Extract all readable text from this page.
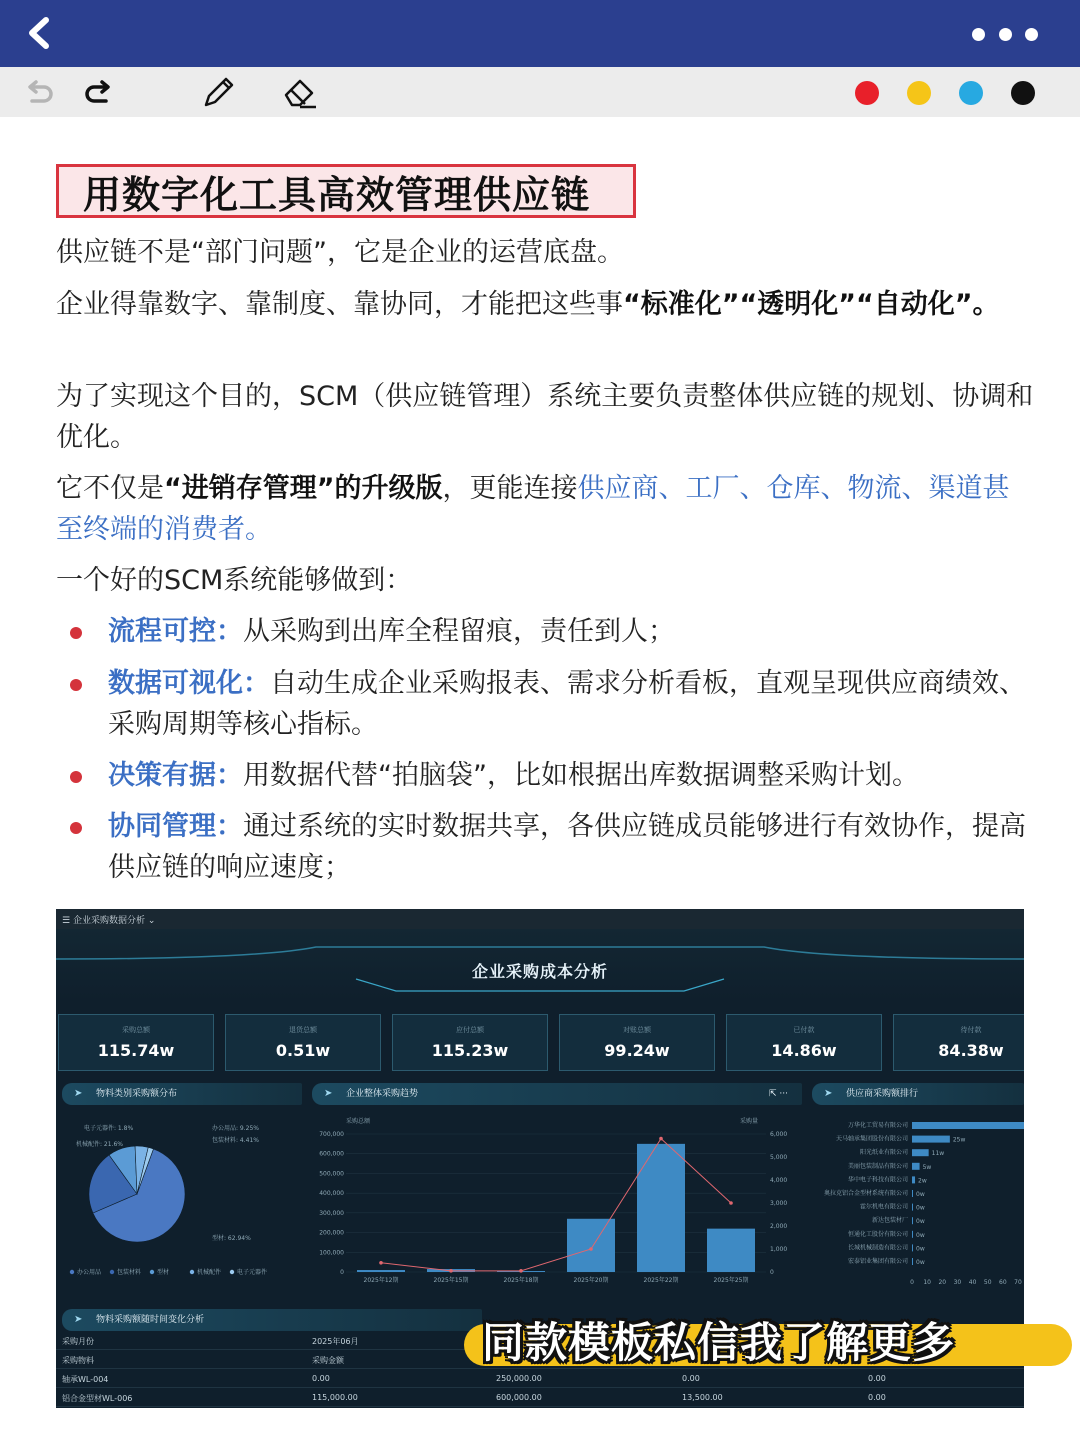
用数字化工具高效管理供应链
供应链不是“部门问题”，它是企业的运营底盘。
企业得靠数字、靠制度、靠协同，才能把这些事“标准化”“透明化”“自动化”。
为了实现这个目的，SCM（供应链管理）系统主要负责整体供应链的规划、协调和优化。
它不仅是“进销存管理”的升级版，更能连接供应商、工厂、仓库、物流、渠道甚至终端的消费者。
一个好的SCM系统能够做到：
流程可控：从采购到出库全程留痕，责任到人；
数据可视化：自动生成企业采购报表、需求分析看板，直观呈现供应商绩效、采购周期等核心指标。
决策有据：用数据代替“拍脑袋”，比如根据出库数据调整采购计划。
协同管理：通过系统的实时数据共享，各供应链成员能够进行有效协作，提高供应链的响应速度；
☰ 企业采购数据分析 ⌄
企业采购成本分析
采购总额
115.74w
退货总额
0.51w
应付总额
115.23w
对账总额
99.24w
已付款
14.86w
待付款
84.38w
➤ 物料类别采购额分布	➤ 企业整体采购趋势	⇱ ···	➤ 供应商采购额排行
电子元器件: 1.8%	办公用品: 9.25%
包装材料: 4.41%
机械配件: 21.6%
型材: 62.94%
办公用品	包装材料	型材	机械配件	电子元器件
采购总额	采购量
0
100,000
200,000
300,000
400,000
500,000
600,000
700,000
0
1,000
2,000
3,000
4,000
5,000
6,000
2025年12期	2025年15期	2025年18期	2025年20期	2025年22期	2025年25期
万华化工贸易有限公司
天马轴承集团股份有限公司	25w
阳光纸业有限公司	11w
美丽包装制品有限公司 5w
华中电子科技有限公司 2w
奥拉克铝合金型材系统有限公司 0w
霍尔机电有限公司 0w
新达包装材厂 0w
恒通化工股份有限公司 0w
长城机械制造有限公司 0w
宏泰铝业集团有限公司 0w
0 10 20 30 40 50 60 70
➤ 物料采购额随时间变化分析
采购月份	2025年06月
采购物料	采购金额
轴承WL-004	0.00	250,000.00	0.00	0.00
铝合金型材WL-006	115,000.00	600,000.00	13,500.00	0.00
同款模板私信我了解更多
